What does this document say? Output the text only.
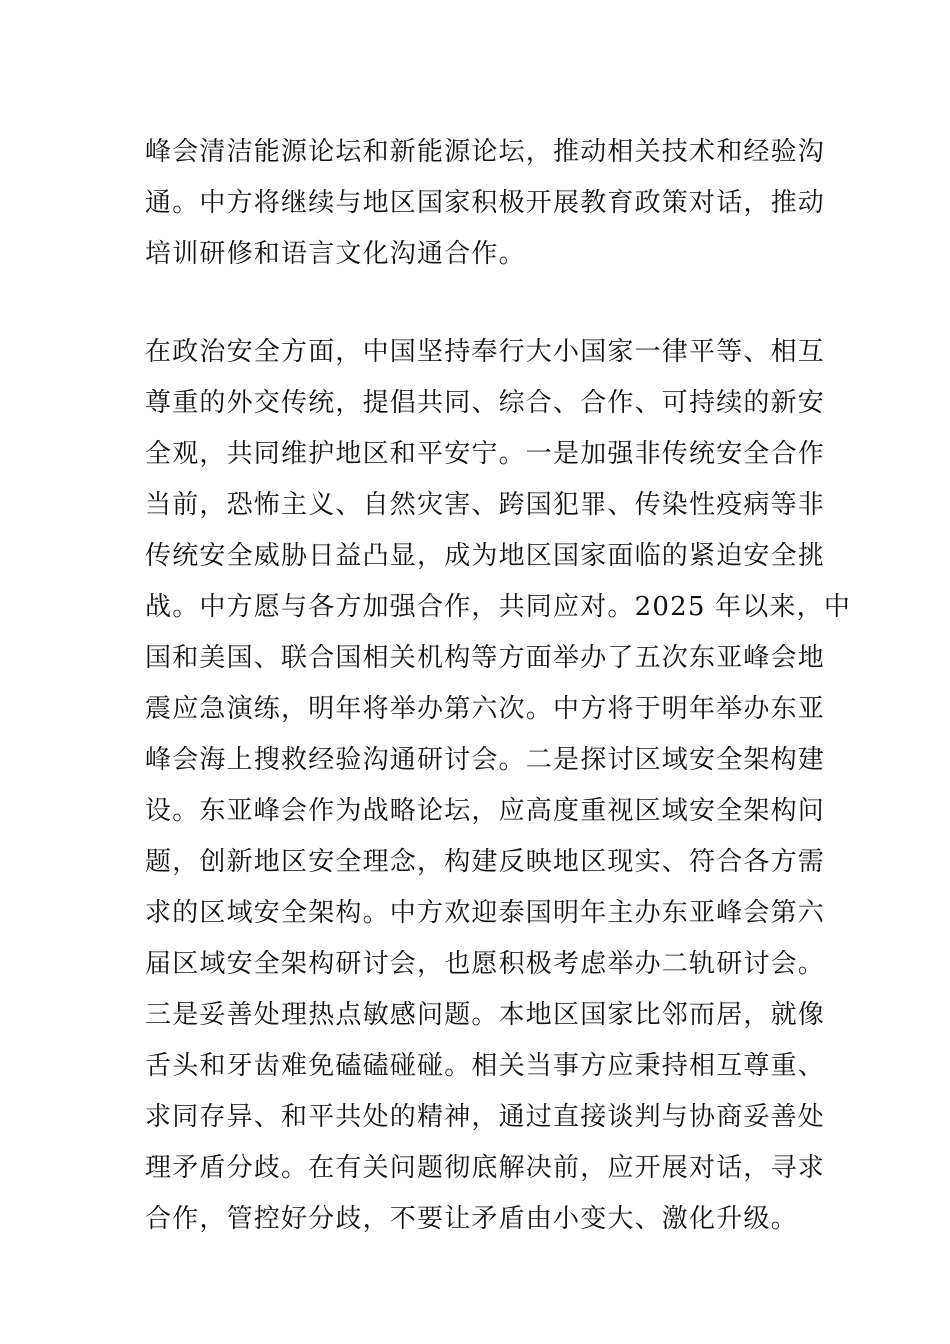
峰会清洁能源论坛和新能源论坛，推动相关技术和经验沟
通。中方将继续与地区国家积极开展教育政策对话，推动
培训研修和语言文化沟通合作。

在政治安全方面，中国坚持奉行大小国家一律平等、相互
尊重的外交传统，提倡共同、综合、合作、可持续的新安
全观，共同维护地区和平安宁。一是加强非传统安全合作
当前，恐怖主义、自然灾害、跨国犯罪、传染性疫病等非
传统安全威胁日益凸显，成为地区国家面临的紧迫安全挑
战。中方愿与各方加强合作，共同应对。2025 年以来，中
国和美国、联合国相关机构等方面举办了五次东亚峰会地
震应急演练，明年将举办第六次。中方将于明年举办东亚
峰会海上搜救经验沟通研讨会。二是探讨区域安全架构建
设。东亚峰会作为战略论坛，应高度重视区域安全架构问
题，创新地区安全理念，构建反映地区现实、符合各方需
求的区域安全架构。中方欢迎泰国明年主办东亚峰会第六
届区域安全架构研讨会，也愿积极考虑举办二轨研讨会。
三是妥善处理热点敏感问题。本地区国家比邻而居，就像
舌头和牙齿难免磕磕碰碰。相关当事方应秉持相互尊重、
求同存异、和平共处的精神，通过直接谈判与协商妥善处
理矛盾分歧。在有关问题彻底解决前，应开展对话，寻求
合作，管控好分歧，不要让矛盾由小变大、激化升级。
